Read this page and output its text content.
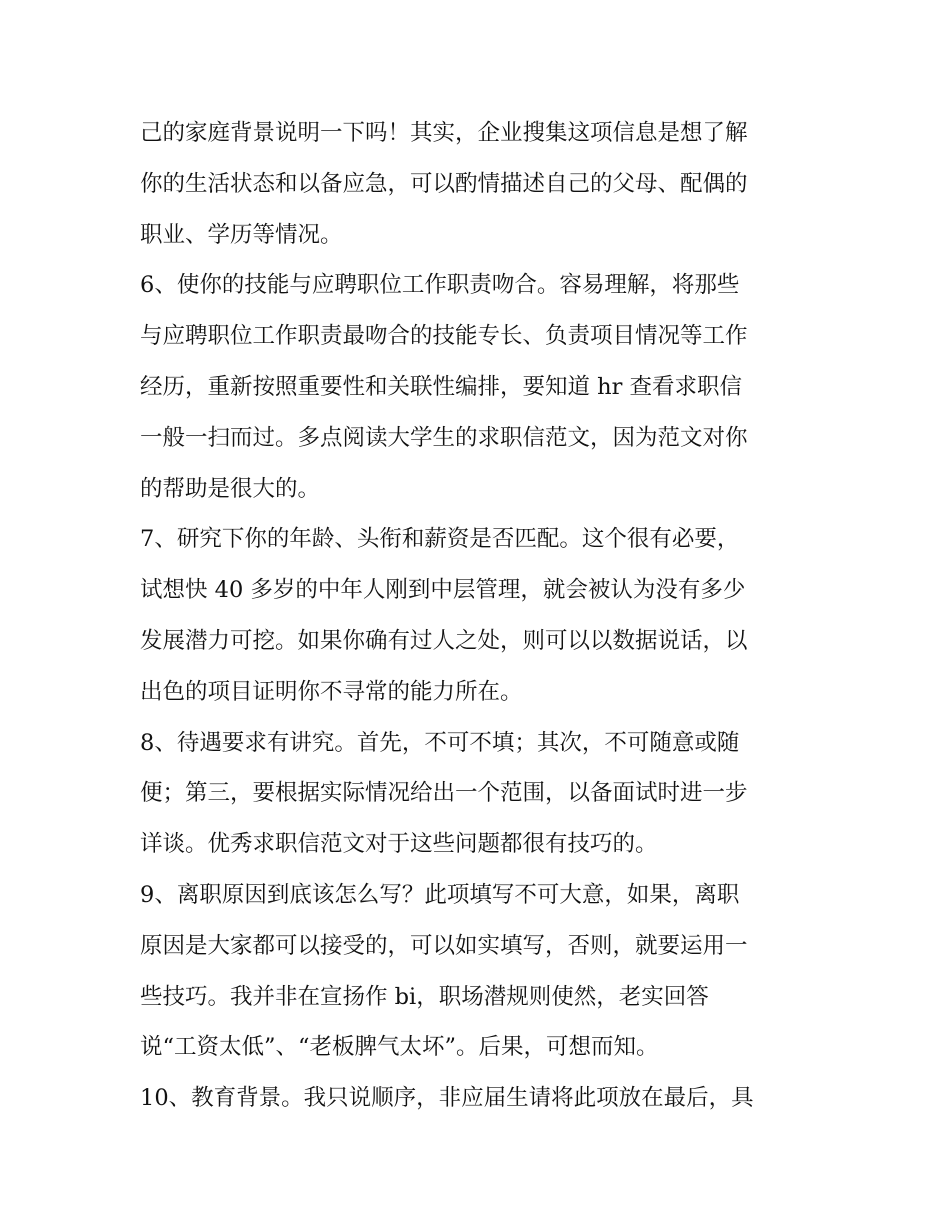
己的家庭背景说明一下吗！其实，企业搜集这项信息是想了解
你的生活状态和以备应急，可以酌情描述自己的父母、配偶的
职业、学历等情况。
6、使你的技能与应聘职位工作职责吻合。容易理解，将那些
与应聘职位工作职责最吻合的技能专长、负责项目情况等工作
经历，重新按照重要性和关联性编排，要知道 hr 查看求职信
一般一扫而过。多点阅读大学生的求职信范文，因为范文对你
的帮助是很大的。
7、研究下你的年龄、头衔和薪资是否匹配。这个很有必要，
试想快 40 多岁的中年人刚到中层管理，就会被认为没有多少
发展潜力可挖。如果你确有过人之处，则可以以数据说话，以
出色的项目证明你不寻常的能力所在。
8、待遇要求有讲究。首先，不可不填；其次，不可随意或随
便；第三，要根据实际情况给出一个范围，以备面试时进一步
详谈。优秀求职信范文对于这些问题都很有技巧的。
9、离职原因到底该怎么写？此项填写不可大意，如果，离职
原因是大家都可以接受的，可以如实填写，否则，就要运用一
些技巧。我并非在宣扬作 bi，职场潜规则使然，老实回答
说“工资太低”、“老板脾气太坏”。后果，可想而知。
10、教育背景。我只说顺序，非应届生请将此项放在最后，具
